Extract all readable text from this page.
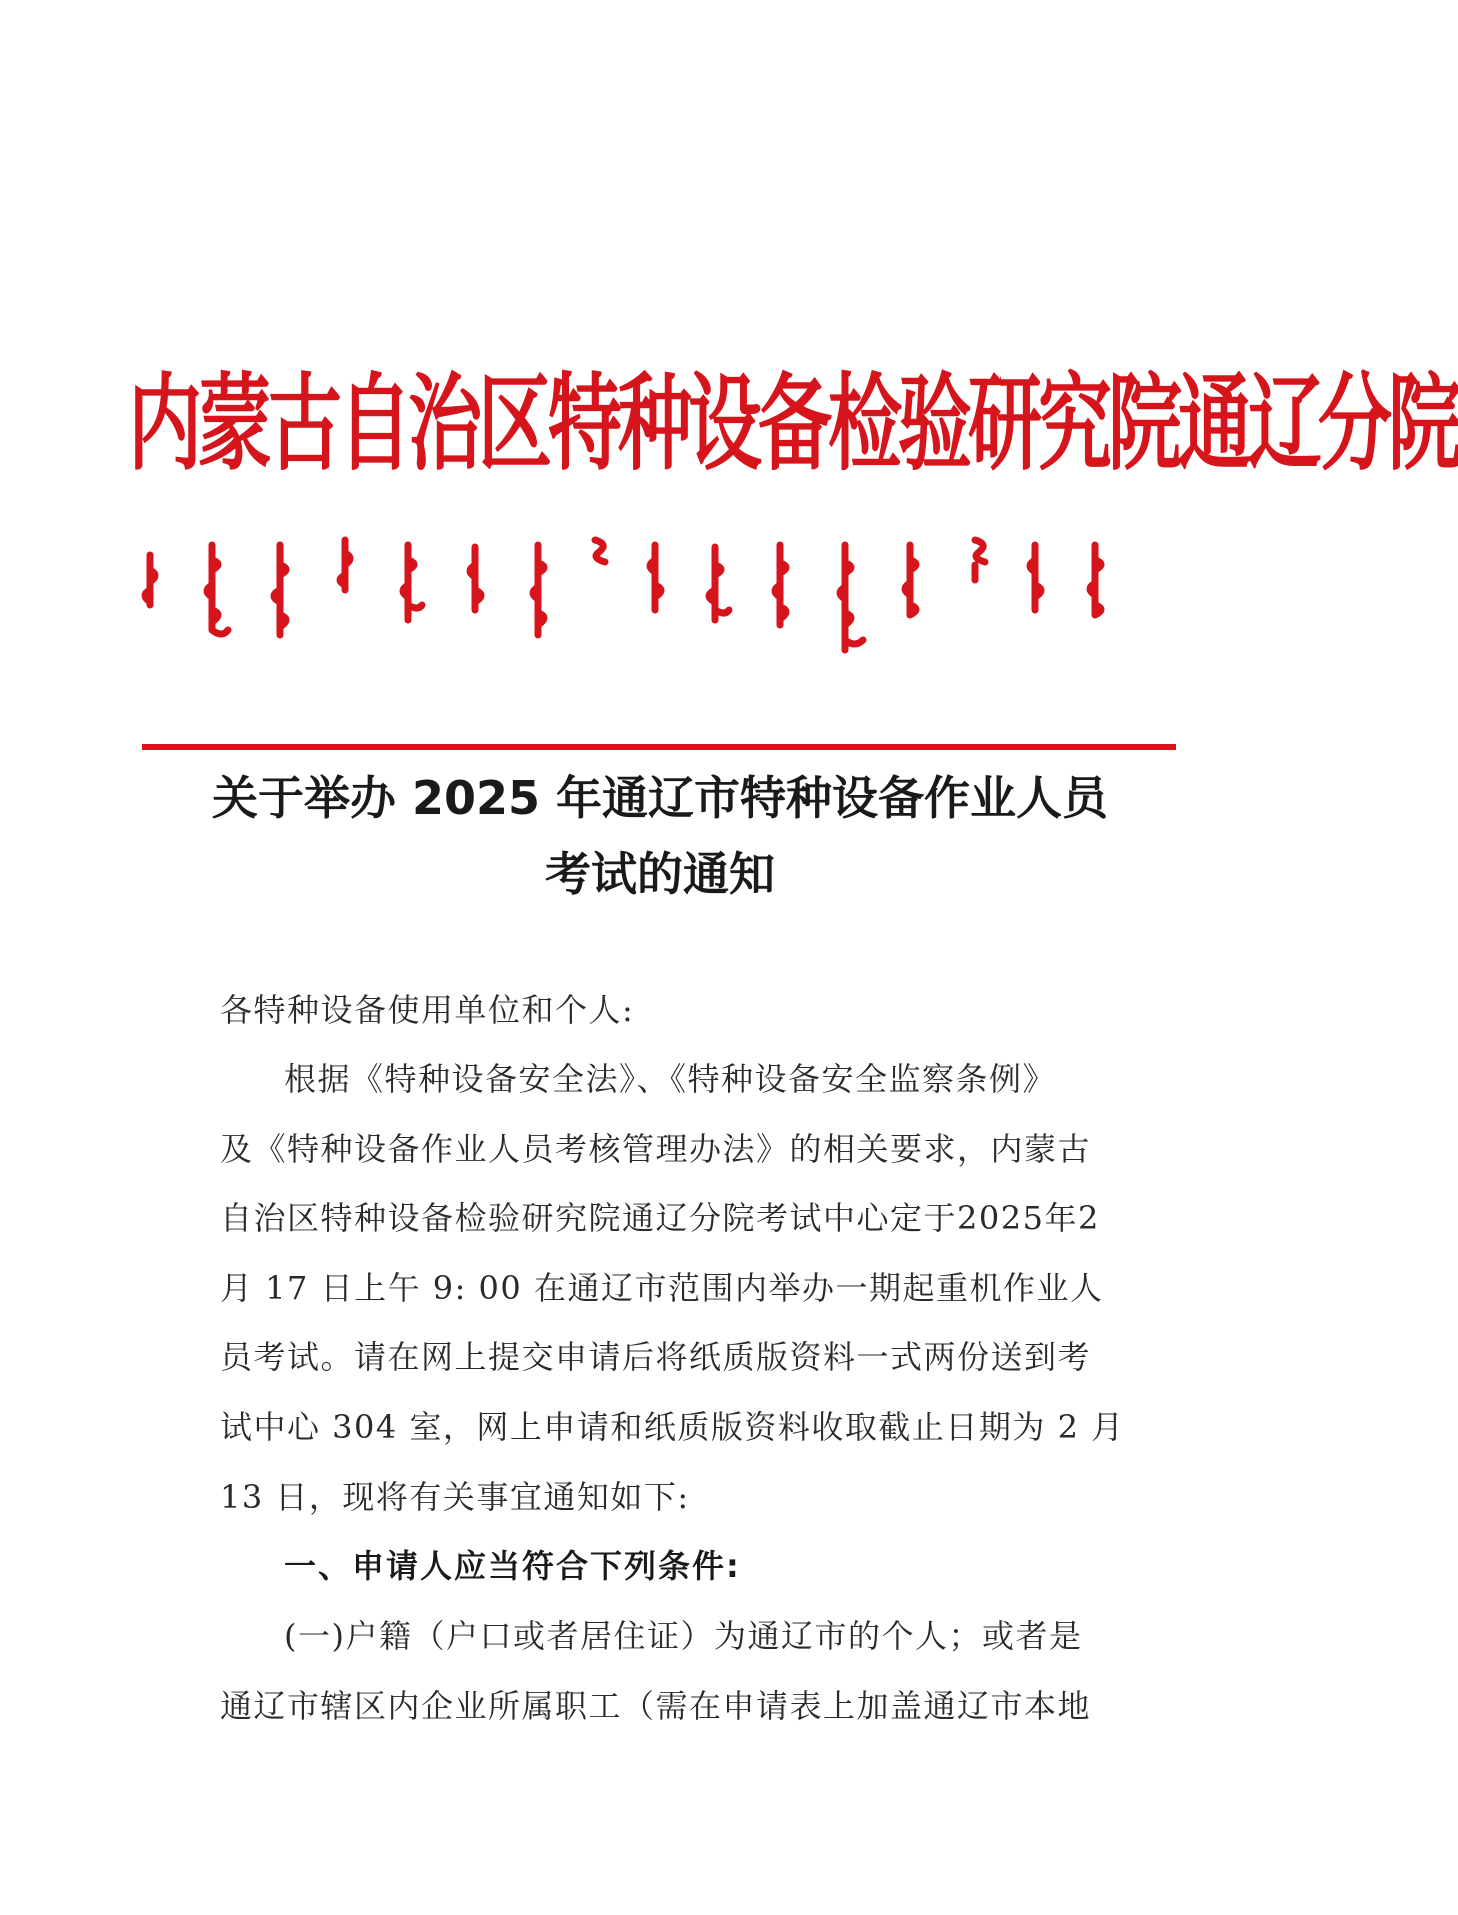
内蒙古自治区特种设备检验研究院通辽分院
关于举办 2025 年通辽市特种设备作业人员
考试的通知
各特种设备使用单位和个人:
根据《特种设备安全法》、《特种设备安全监察条例》
及《特种设备作业人员考核管理办法》的相关要求，内蒙古
自治区特种设备检验研究院通辽分院考试中心定于2025年2
月 17 日上午 9: 00 在通辽市范围内举办一期起重机作业人
员考试。请在网上提交申请后将纸质版资料一式两份送到考
试中心 304 室，网上申请和纸质版资料收取截止日期为 2 月
13 日，现将有关事宜通知如下:
一、申请人应当符合下列条件:
(一)户籍（户口或者居住证）为通辽市的个人；或者是
通辽市辖区内企业所属职工（需在申请表上加盖通辽市本地
